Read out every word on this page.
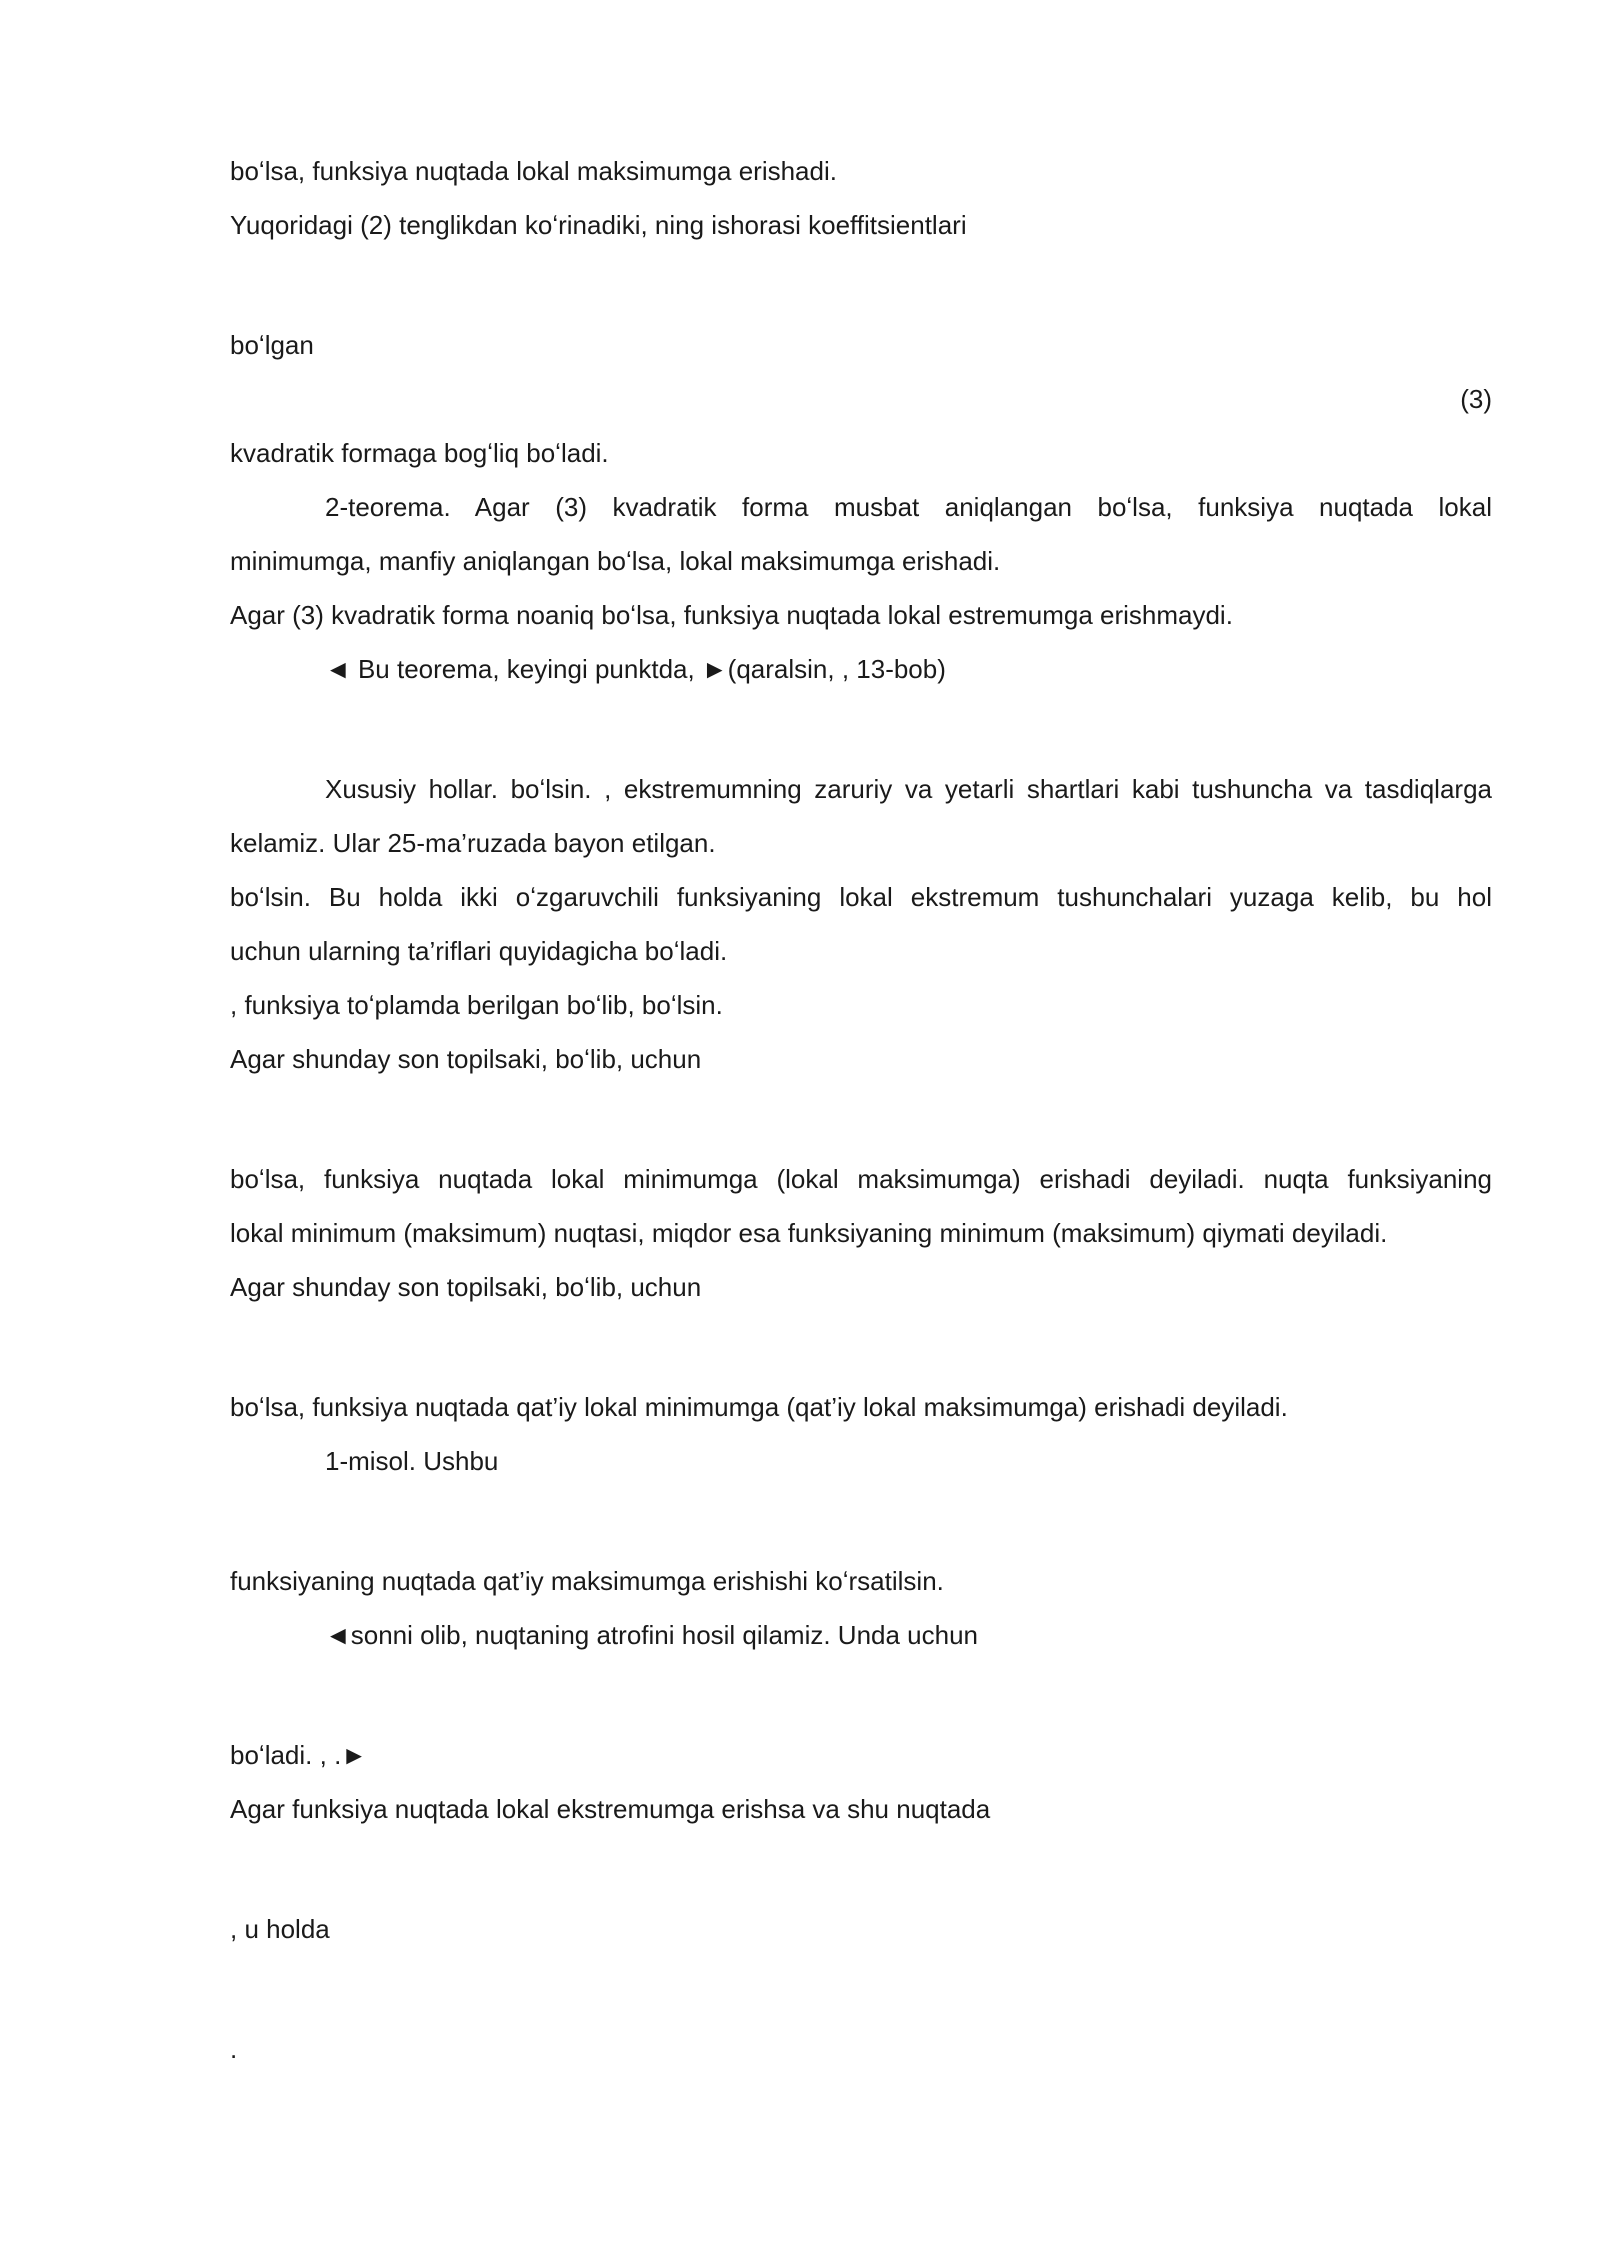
boʻlsa, funksiya nuqtada lokal maksimumga erishadi.
Yuqoridagi (2) tenglikdan koʻrinadiki, ning ishorasi koeffitsientlari
boʻlgan
(3)
kvadratik formaga bogʻliq boʻladi.
2-teorema. Agar (3) kvadratik forma musbat aniqlangan boʻlsa, funksiya nuqtada lokal
minimumga, manfiy aniqlangan boʻlsa, lokal maksimumga erishadi.
Agar (3) kvadratik forma noaniq boʻlsa, funksiya nuqtada lokal estremumga erishmaydi.
◄ Bu teorema, keyingi punktda, ►(qaralsin, , 13-bob)
Xususiy hollar. boʻlsin. , ekstremumning zaruriy va yetarli shartlari kabi tushuncha va tasdiqlarga
kelamiz. Ular 25-ma’ruzada bayon etilgan.
boʻlsin. Bu holda ikki oʻzgaruvchili funksiyaning lokal ekstremum tushunchalari yuzaga kelib, bu hol
uchun ularning ta’riflari quyidagicha boʻladi.
, funksiya toʻplamda berilgan boʻlib, boʻlsin.
Agar shunday son topilsaki, boʻlib, uchun
boʻlsa, funksiya nuqtada lokal minimumga (lokal maksimumga) erishadi deyiladi. nuqta funksiyaning
lokal minimum (maksimum) nuqtasi, miqdor esa funksiyaning minimum (maksimum) qiymati deyiladi.
Agar shunday son topilsaki, boʻlib, uchun
boʻlsa, funksiya nuqtada qat’iy lokal minimumga (qat’iy lokal maksimumga) erishadi deyiladi.
1-misol. Ushbu
funksiyaning nuqtada qat’iy maksimumga erishishi koʻrsatilsin.
◄sonni olib, nuqtaning atrofini hosil qilamiz. Unda uchun
boʻladi. , .►
Agar funksiya nuqtada lokal ekstremumga erishsa va shu nuqtada
, u holda
.
